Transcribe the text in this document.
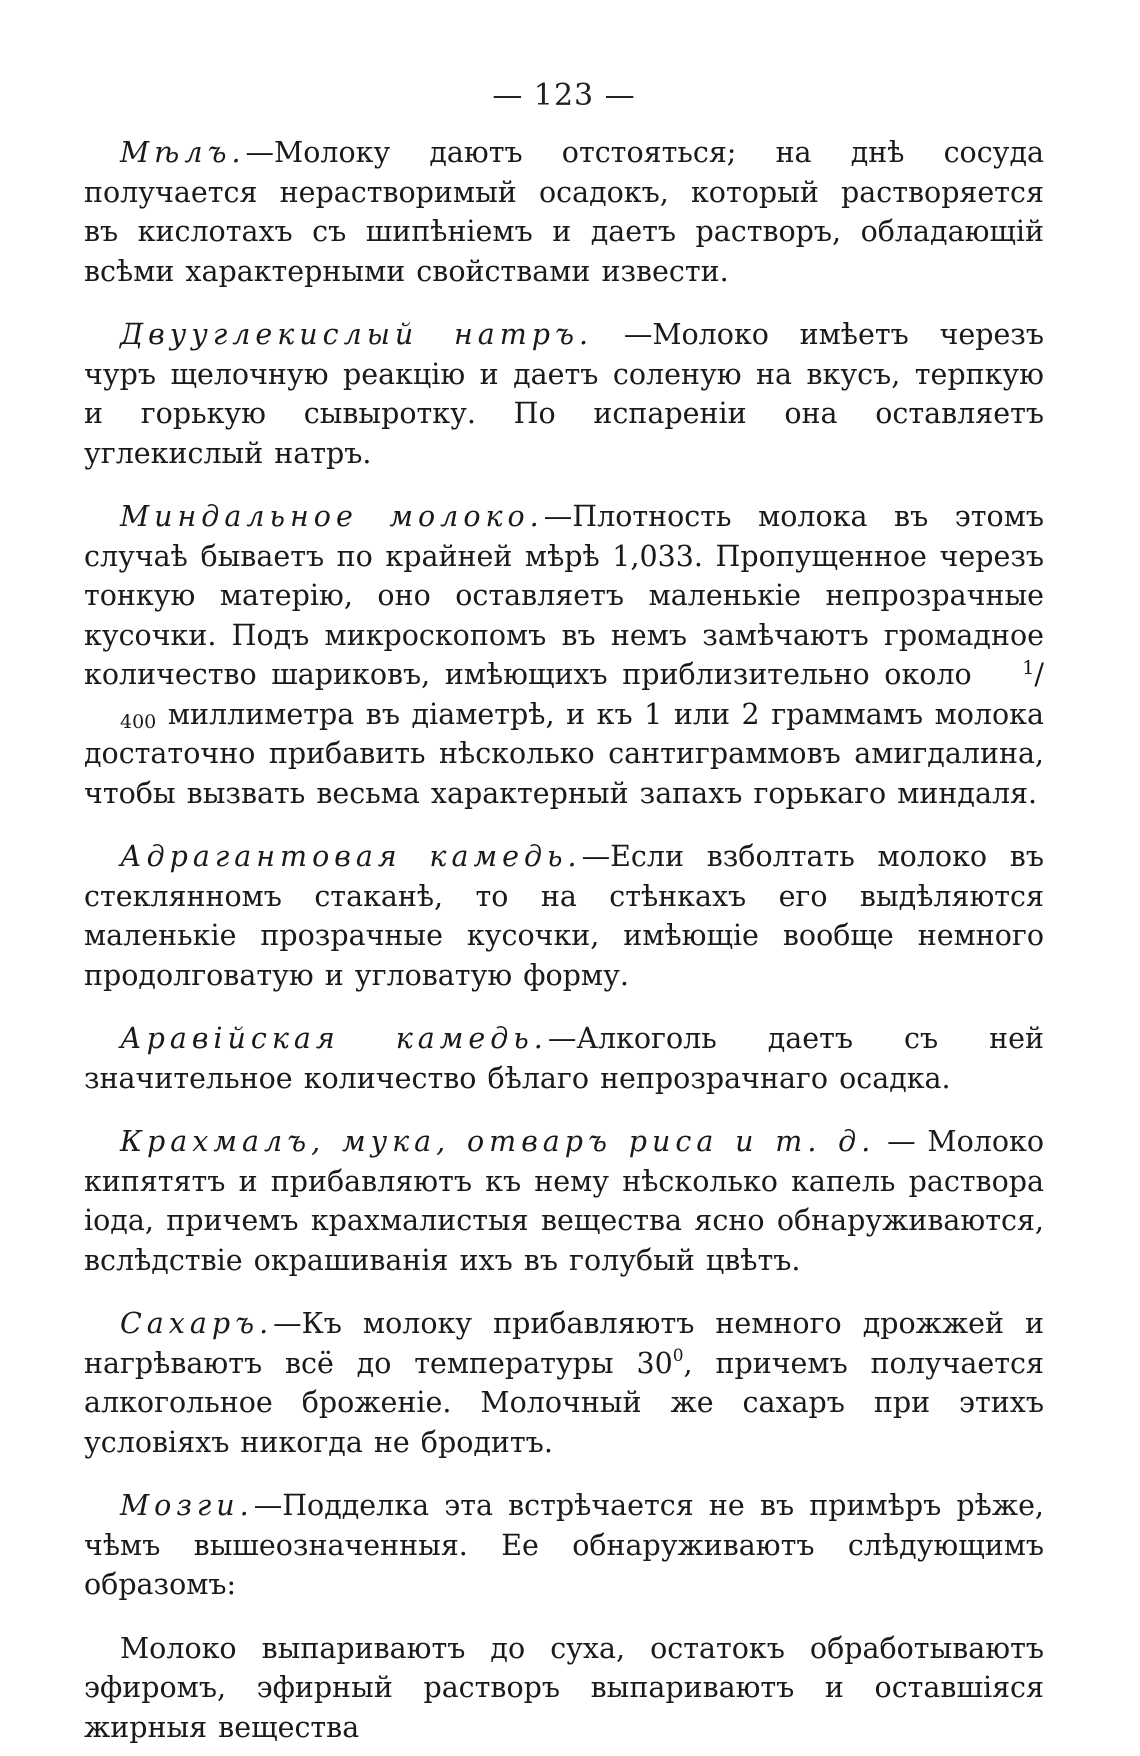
— 123 —

Мѣлъ.—Молоку даютъ отстояться; на днѣ сосуда получается нерастворимый осадокъ, который растворяется въ кислотахъ съ шипѣніемъ и даетъ растворъ, обладающій всѣми характерными свойствами извести.

Двууглекислый натръ. —Молоко имѣетъ черезъ чуръ щелочную реакцію и даетъ соленую на вкусъ, терпкую и горькую сывыротку. По испареніи она оставляетъ углекислый натръ.

Миндальное молоко.—Плотность молока въ этомъ случаѣ бываетъ по крайней мѣрѣ 1,033. Пропущенное черезъ тонкую матерію, оно оставляетъ маленькіе непрозрачные кусочки. Подъ микроскопомъ въ немъ замѣчаютъ громадное количество шариковъ, имѣющихъ приблизительно около 1/400 миллиметра въ діаметрѣ, и къ 1 или 2 граммамъ молока достаточно прибавить нѣсколько сантиграммовъ амигдалина, чтобы вызвать весьма характерный запахъ горькаго миндаля.

Адрагантовая камедь.—Если взболтать молоко въ стеклянномъ стаканѣ, то на стѣнкахъ его выдѣляются маленькіе прозрачные кусочки, имѣющіе вообще немного продолговатую и угловатую форму.

Аравійская камедь.—Алкоголь даетъ съ ней значительное количество бѣлаго непрозрачнаго осадка.

Крахмалъ, мука, отваръ риса и т. д. — Молоко кипятятъ и прибавляютъ къ нему нѣсколько капель раствора іода, причемъ крахмалистыя вещества ясно обнаруживаются, вслѣдствіе окрашиванія ихъ въ голубый цвѣтъ.

Сахаръ.—Къ молоку прибавляютъ немного дрожжей и нагрѣваютъ всё до температуры $30^0$, причемъ получается алкогольное броженіе. Молочный же сахаръ при этихъ условіяхъ никогда не бродитъ.

Мозги.—Подделка эта встрѣчается не въ примѣръ рѣже, чѣмъ вышеозначенныя. Ее обнаруживаютъ слѣдующимъ образомъ:

Молоко выпариваютъ до суха, остатокъ обработываютъ эфиромъ, эфирный растворъ выпариваютъ и оставшіяся жирныя вещества
